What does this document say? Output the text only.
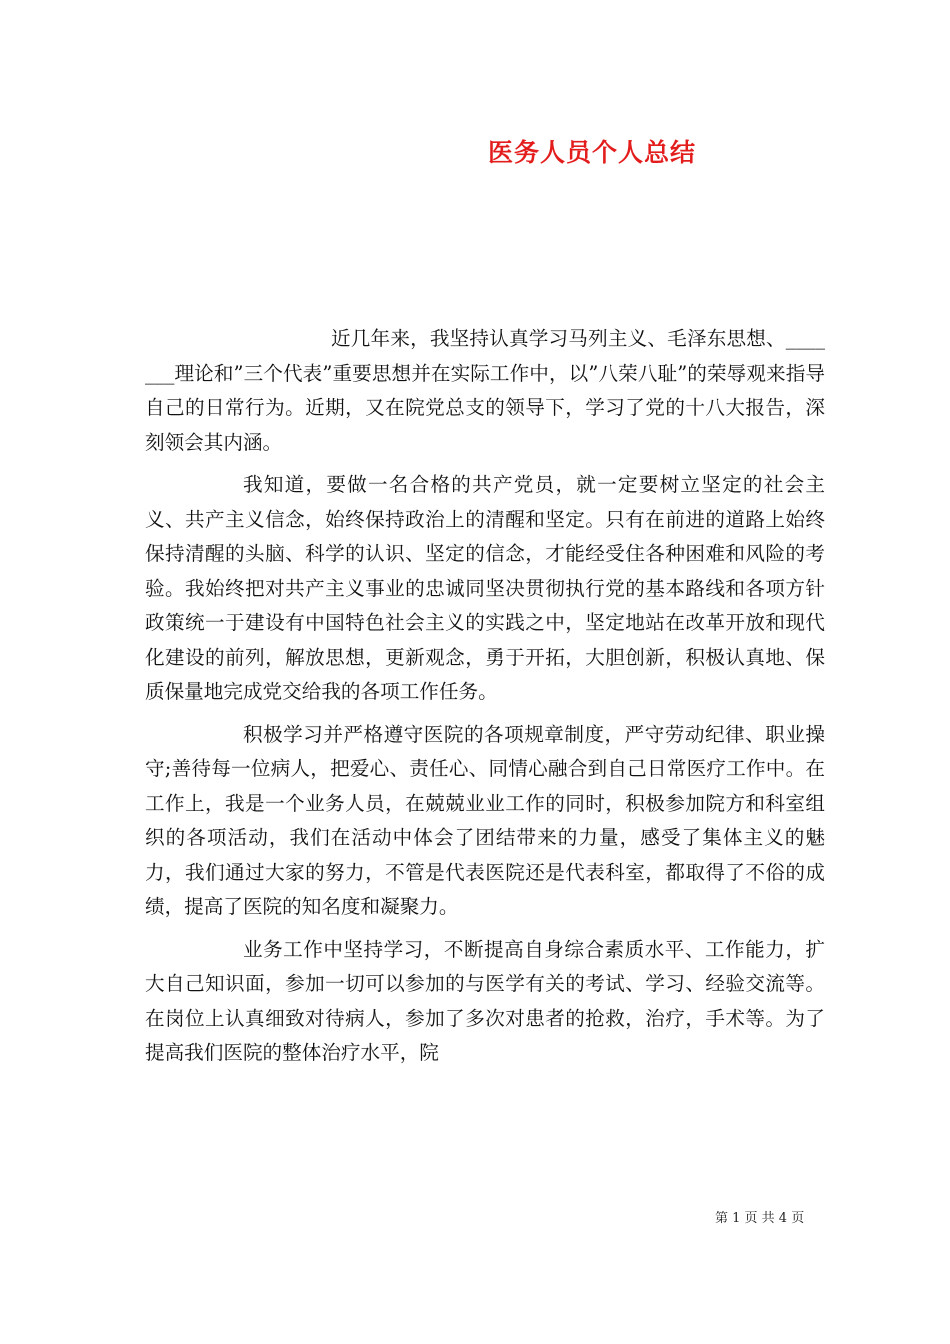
医务人员个人总结

近几年来，我坚持认真学习马列主义、毛泽东思想、_______理论和”三个代表”重要思想并在实际工作中，以”八荣八耻”的荣辱观来指导自己的日常行为。近期，又在院党总支的领导下，学习了党的十八大报告，深刻领会其内涵。

我知道，要做一名合格的共产党员，就一定要树立坚定的社会主义、共产主义信念，始终保持政治上的清醒和坚定。只有在前进的道路上始终保持清醒的头脑、科学的认识、坚定的信念，才能经受住各种困难和风险的考验。我始终把对共产主义事业的忠诚同坚决贯彻执行党的基本路线和各项方针政策统一于建设有中国特色社会主义的实践之中，坚定地站在改革开放和现代化建设的前列，解放思想，更新观念，勇于开拓，大胆创新，积极认真地、保质保量地完成党交给我的各项工作任务。

积极学习并严格遵守医院的各项规章制度，严守劳动纪律、职业操守;善待每一位病人，把爱心、责任心、同情心融合到自己日常医疗工作中。在工作上，我是一个业务人员，在兢兢业业工作的同时，积极参加院方和科室组织的各项活动，我们在活动中体会了团结带来的力量，感受了集体主义的魅力，我们通过大家的努力，不管是代表医院还是代表科室，都取得了不俗的成绩，提高了医院的知名度和凝聚力。

业务工作中坚持学习，不断提高自身综合素质水平、工作能力，扩大自己知识面，参加一切可以参加的与医学有关的考试、学习、经验交流等。在岗位上认真细致对待病人，参加了多次对患者的抢救，治疗，手术等。为了提高我们医院的整体治疗水平，院

第 1 页 共 4 页
